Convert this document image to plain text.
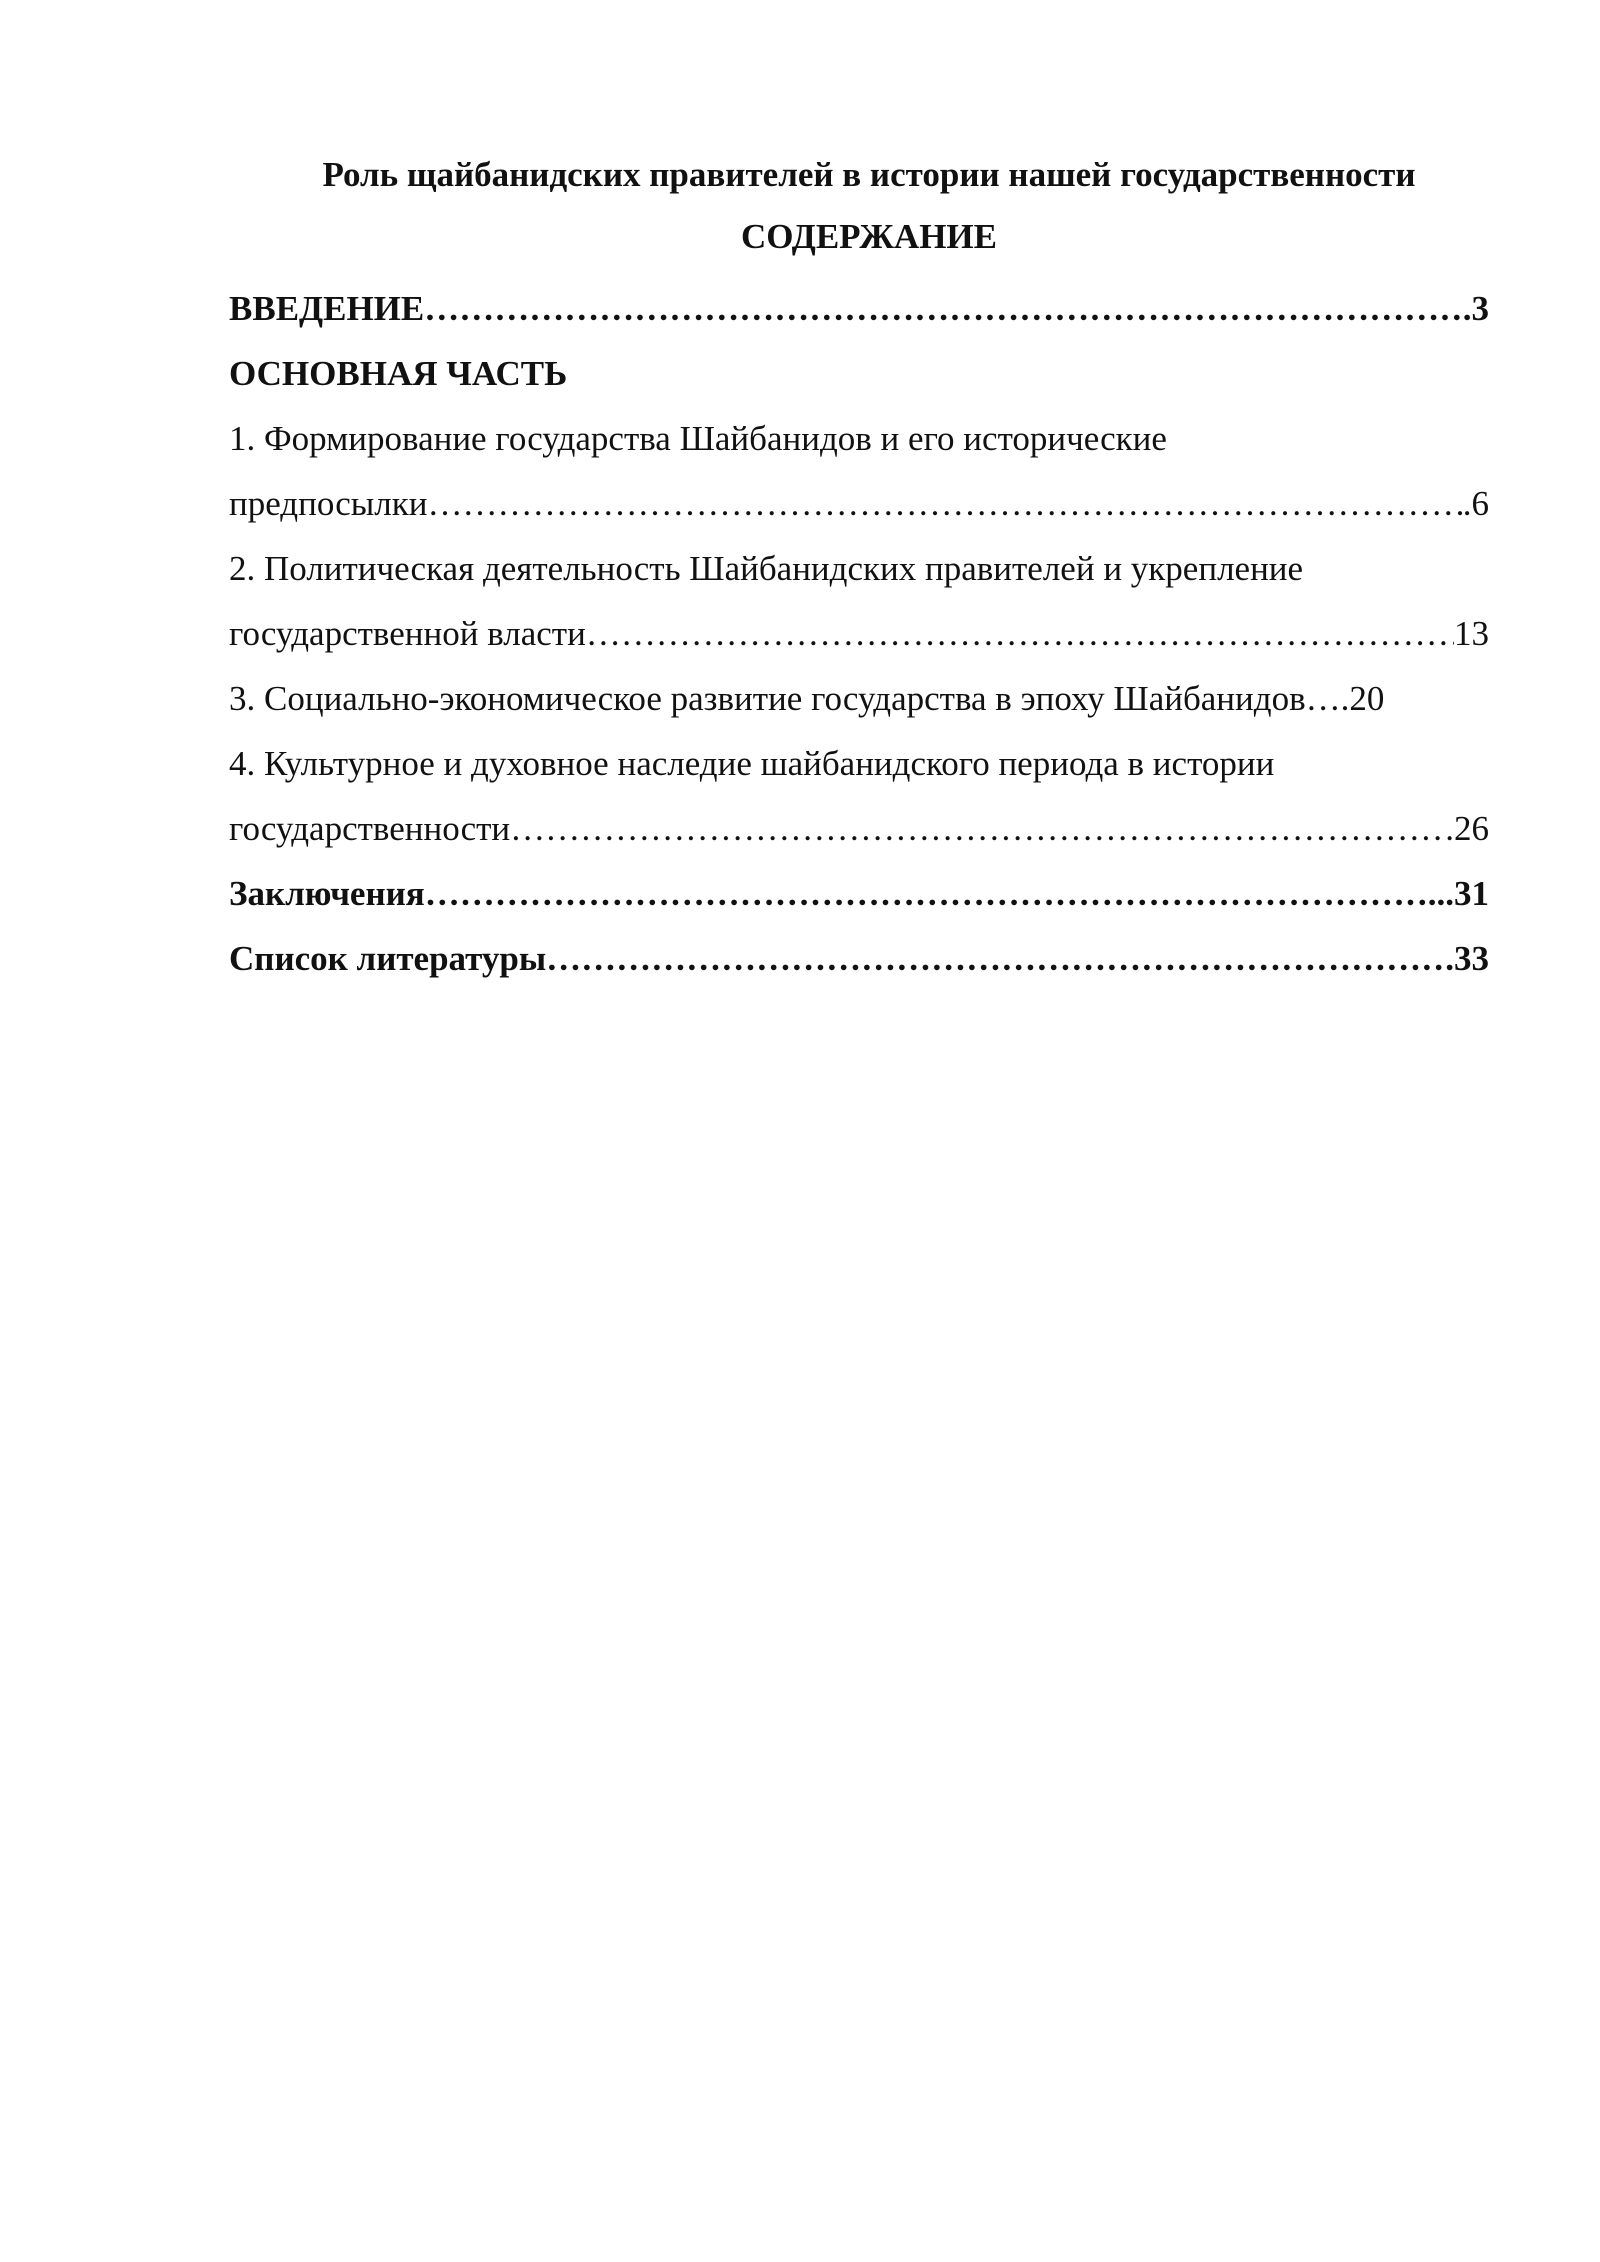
Роль щайбанидских правителей в истории нашей государственности
СОДЕРЖАНИЕ
ВВЕДЕНИЕ ……………………………………………………………………………………………………………………………………………………………………………………………………	.3
ОСНОВНАЯ ЧАСТЬ
1. Формирование государства Шайбанидов и его исторические
предпосылки ……………………………………………………………………………………………………………………………………………………………………………………………………	.6
2. Политическая деятельность Шайбанидских правителей и укрепление
государственной власти ……………………………………………………………………………………………………………………………………………………………………………………………………	13
3. Социально-экономическое развитие государства в эпоху Шайбанидов….20
4. Культурное и духовное наследие шайбанидского периода в истории
государственности ……………………………………………………………………………………………………………………………………………………………………………………………………	.26
Заключения ……………………………………………………………………………………………………………………………………………………………………………………………………	...31
Список литературы ……………………………………………………………………………………………………………………………………………………………………………………………………	.33
